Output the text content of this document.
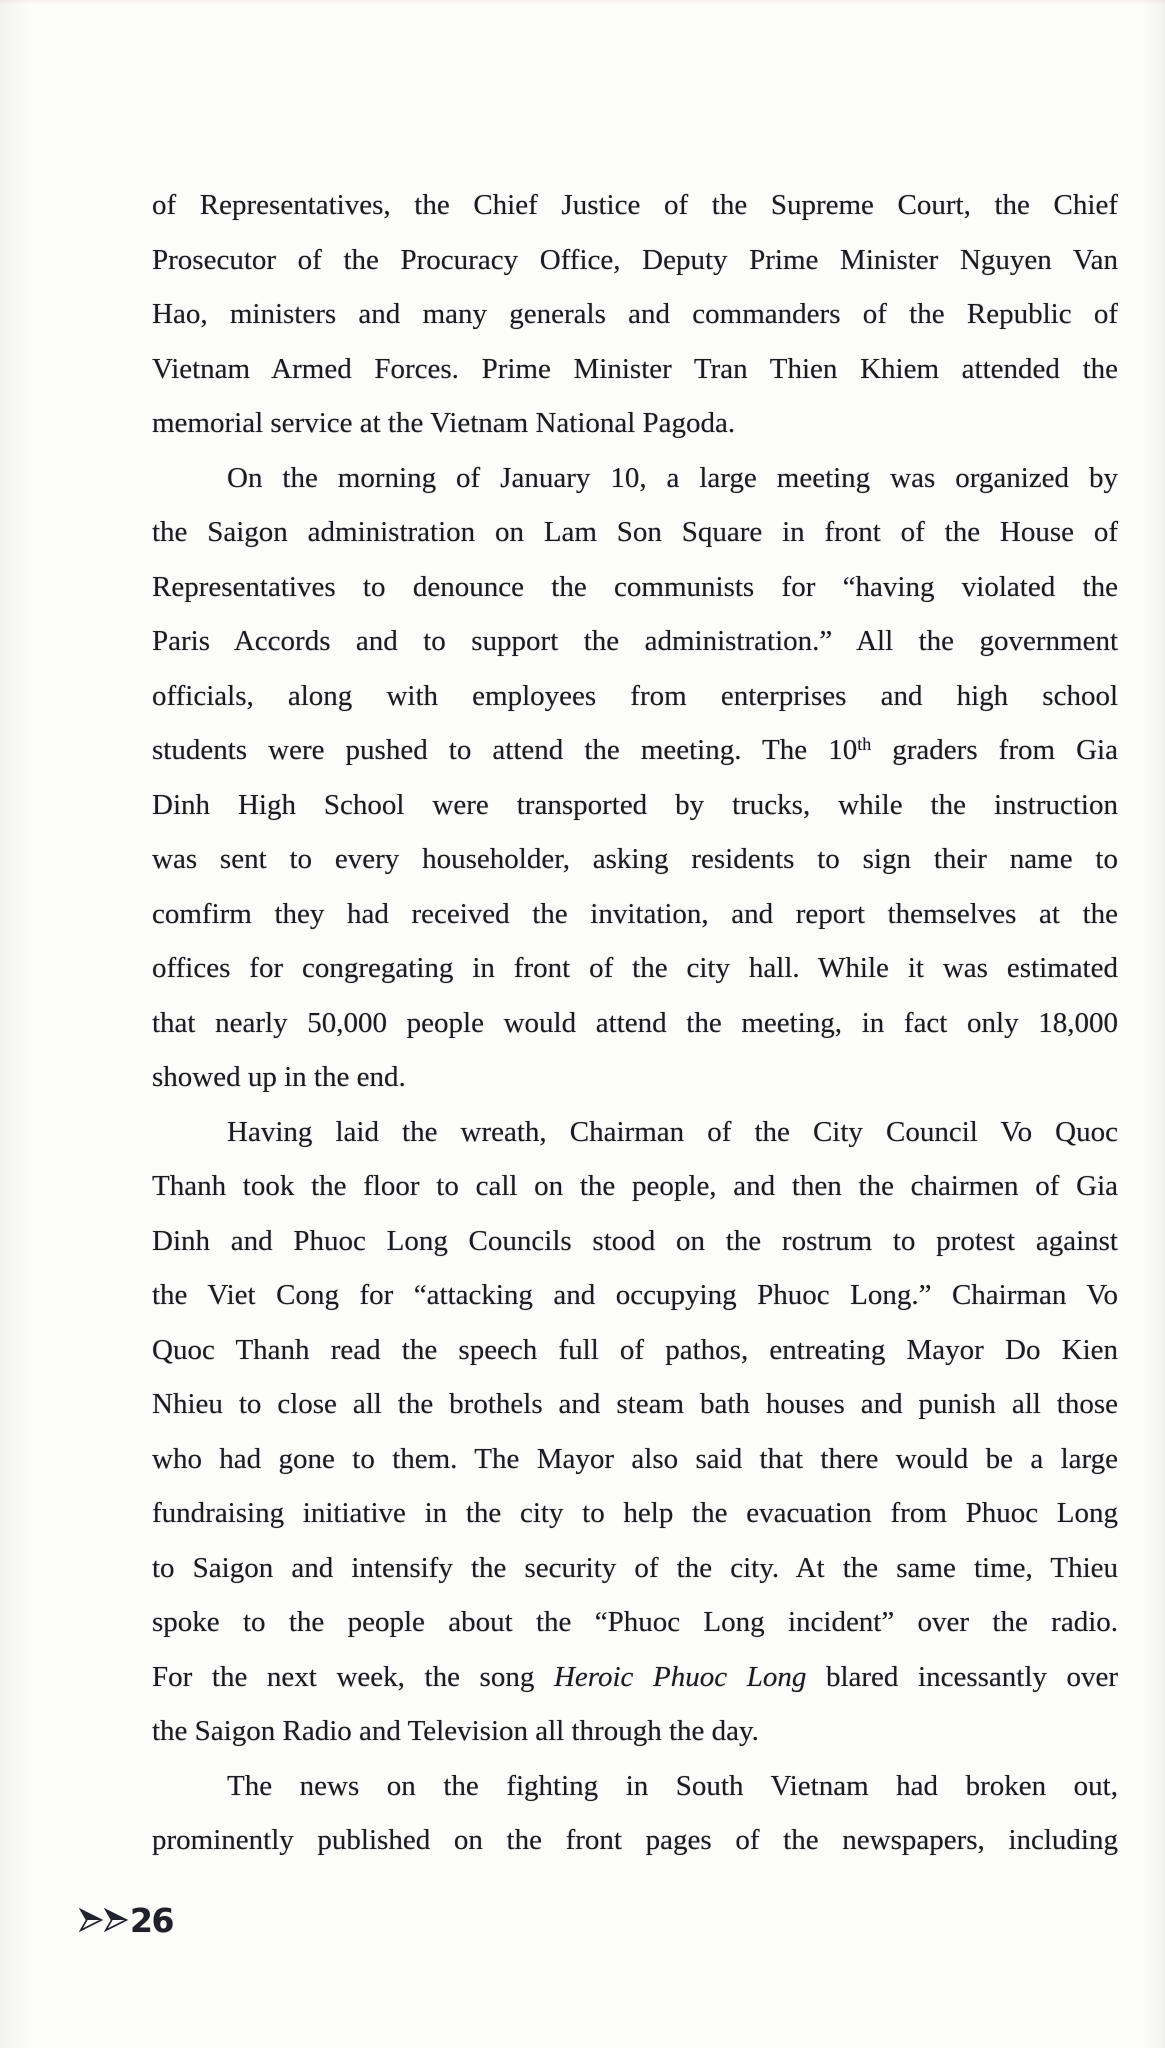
of Representatives, the Chief Justice of the Supreme Court, the Chief
Prosecutor of the Procuracy Office, Deputy Prime Minister Nguyen Van
Hao, ministers and many generals and commanders of the Republic of
Vietnam Armed Forces. Prime Minister Tran Thien Khiem attended the
memorial service at the Vietnam National Pagoda.
On the morning of January 10, a large meeting was organized by
the Saigon administration on Lam Son Square in front of the House of
Representatives to denounce the communists for “having violated the
Paris Accords and to support the administration.” All the government
officials, along with employees from enterprises and high school
students were pushed to attend the meeting. The 10th graders from Gia
Dinh High School were transported by trucks, while the instruction
was sent to every householder, asking residents to sign their name to
comfirm they had received the invitation, and report themselves at the
offices for congregating in front of the city hall. While it was estimated
that nearly 50,000 people would attend the meeting, in fact only 18,000
showed up in the end.
Having laid the wreath, Chairman of the City Council Vo Quoc
Thanh took the floor to call on the people, and then the chairmen of Gia
Dinh and Phuoc Long Councils stood on the rostrum to protest against
the Viet Cong for “attacking and occupying Phuoc Long.” Chairman Vo
Quoc Thanh read the speech full of pathos, entreating Mayor Do Kien
Nhieu to close all the brothels and steam bath houses and punish all those
who had gone to them. The Mayor also said that there would be a large
fundraising initiative in the city to help the evacuation from Phuoc Long
to Saigon and intensify the security of the city. At the same time, Thieu
spoke to the people about the “Phuoc Long incident” over the radio.
For the next week, the song Heroic Phuoc Long blared incessantly over
the Saigon Radio and Television all through the day.
The news on the fighting in South Vietnam had broken out,
prominently published on the front pages of the newspapers, including
26
